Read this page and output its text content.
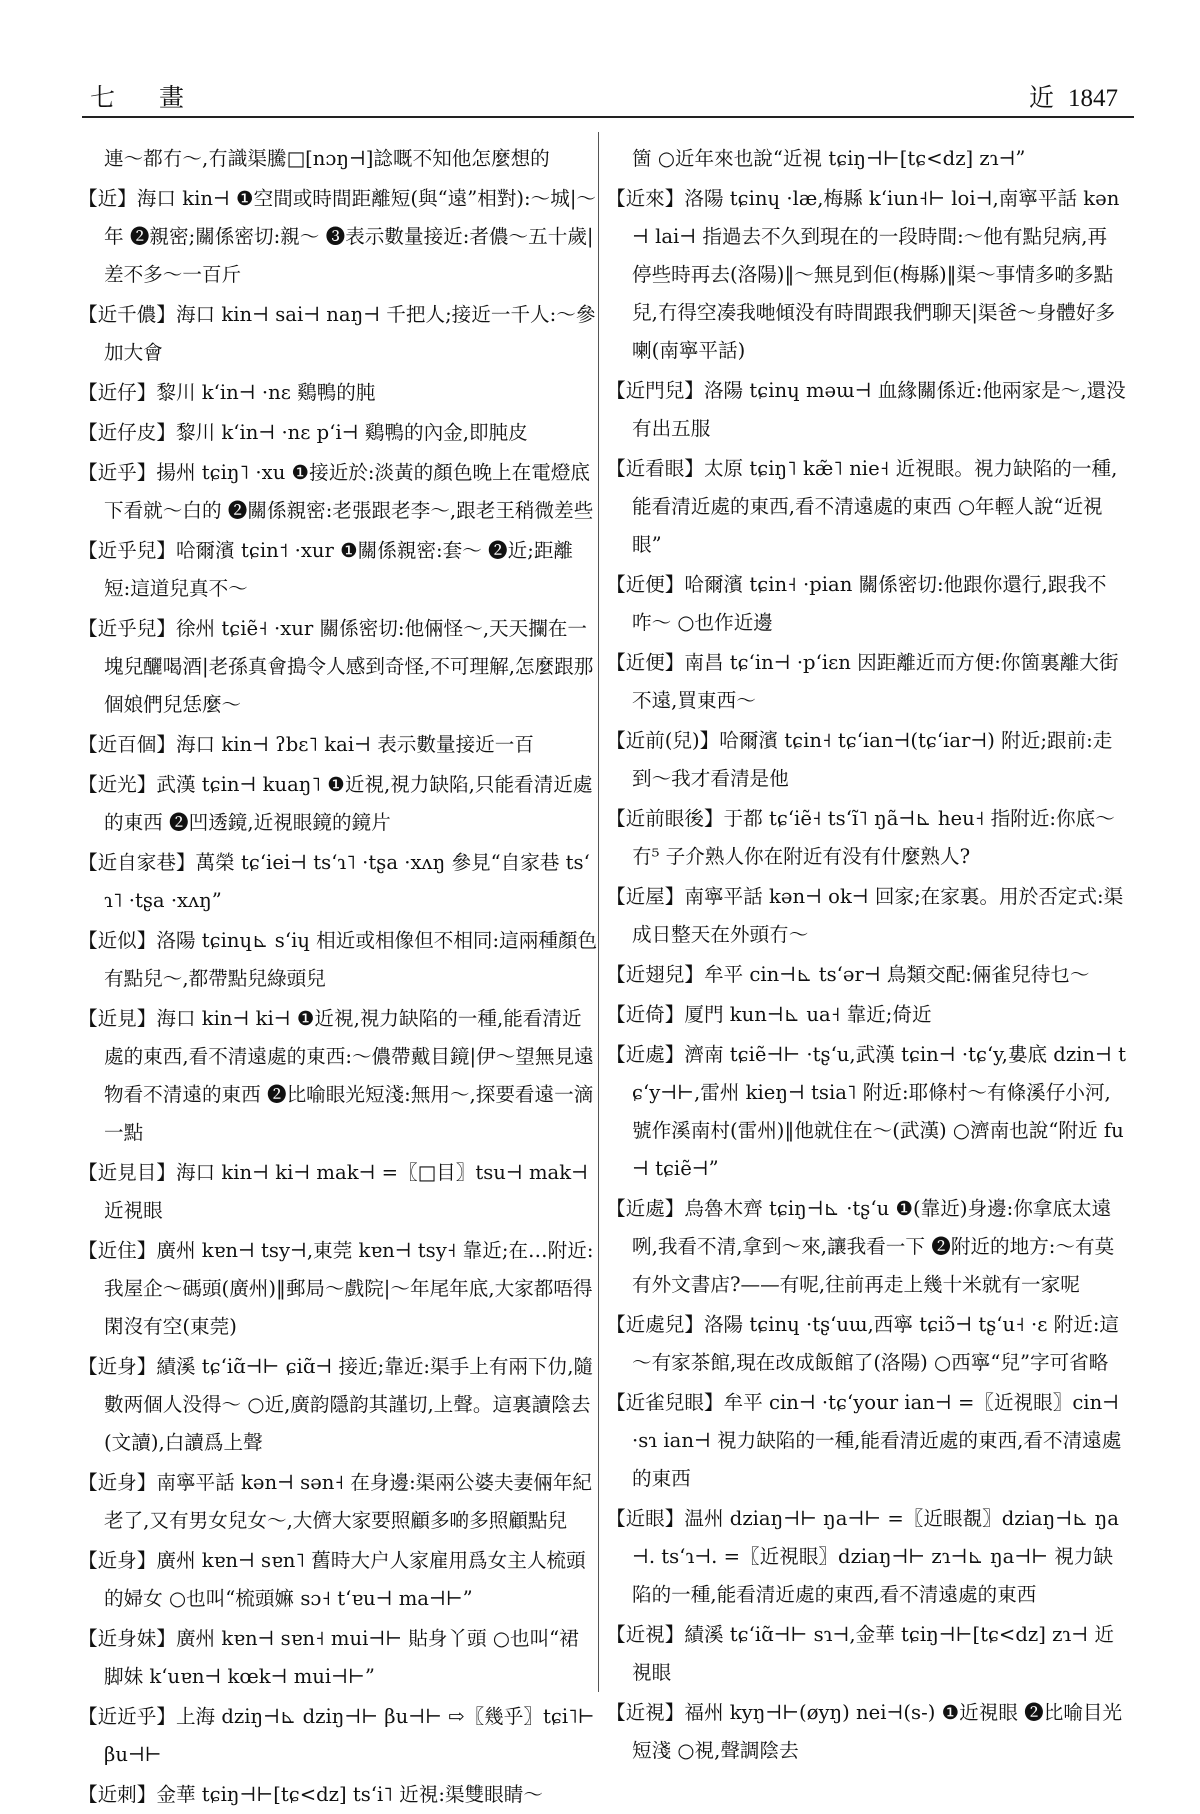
七 畫	近 1847
連～都冇～,冇識渠騰□[nɔŋ⊣]諗嘅不知他怎麼想的
【近】海口 kin⊣ ❶空間或時間距離短(與“遠”相對):～城|～年 ❷親密;關係密切:親～ ❸表示數量接近:者儂～五十歲|差不多～一百斤
【近千儂】海口 kin⊣ sai⊣ naŋ⊣ 千把人;接近一千人:～參加大會
【近仔】黎川 kʻin⊣ ·nɛ 鷄鴨的肫
【近仔皮】黎川 kʻin⊣ ·nɛ pʻi⊣ 鷄鴨的內金,即肫皮
【近乎】揚州 tɕiŋ˥ ·xu ❶接近於:淡黃的顏色晚上在電燈底下看就～白的 ❷關係親密:老張跟老李～,跟老王稍微差些
【近乎兒】哈爾濱 tɕin˦ ·xur ❶關係親密:套～ ❷近;距離短:這道兒真不～
【近乎兒】徐州 tɕiẽ˧ ·xur 關係密切:他倆怪～,天天攔在一塊兒釃喝酒|老孫真會搗令人感到奇怪,不可理解,怎麼跟那個娘們兒恁麼～
【近百個】海口 kin⊣ ʔbɛ˥ kai⊣ 表示數量接近一百
【近光】武漢 tɕin⊣ kuaŋ˥ ❶近視,視力缺陷,只能看清近處的東西 ❷凹透鏡,近視眼鏡的鏡片
【近自家巷】萬榮 tɕʻiei⊣ tsʻɿ˥ ·tʂa ·xʌŋ 參見“自家巷 tsʻɿ˥ ·tʂa ·xʌŋ”
【近似】洛陽 tɕinɥ⊾ sʻiɥ 相近或相像但不相同:這兩種顏色有點兒～,都帶點兒綠頭兒
【近見】海口 kin⊣ ki⊣ ❶近視,視力缺陷的一種,能看清近處的東西,看不清遠處的東西:～儂帶戴目鏡|伊～望無見遠物看不清遠的東西 ❷比喻眼光短淺:無用～,探要看遠一滴一點
【近見目】海口 kin⊣ ki⊣ mak⊣ =〖□目〗tsu⊣ mak⊣ 近視眼
【近住】廣州 kɐn⊣ tsy⊣,東莞 kɐn⊣ tsy˧ 靠近;在…附近:我屋企～碼頭(廣州)‖郵局～戲院|～年尾年底,大家都唔得閑沒有空(東莞)
【近身】績溪 tɕʻiɑ̃⊣⊢ ɕiɑ̃⊣ 接近;靠近:渠手上有兩下仂,隨數两個人没得～ ○近,廣韵隱韵其謹切,上聲。這裏讀陰去(文讀),白讀爲上聲
【近身】南寧平話 kən⊣ sən˧ 在身邊:渠兩公婆夫妻倆年紀老了,又有男女兒女～,大儕大家要照顧多啲多照顧點兒
【近身】廣州 kɐn⊣ sɐn˥ 舊時大户人家雇用爲女主人梳頭的婦女 ○也叫“梳頭嫲 sɔ˧ tʻɐu⊣ ma⊣⊢”
【近身妹】廣州 kɐn⊣ sɐn˧ mui⊣⊢ 貼身丫頭 ○也叫“裙脚妹 kʻuɐn⊣ kœk⊣ mui⊣⊢”
【近近乎】上海 dziŋ⊣⊾ dziŋ⊣⊢ βu⊣⊢ ⇨〖幾乎〗tɕi˥⊢ βu⊣⊢
【近刺】金華 tɕiŋ⊣⊢[tɕ<dz] tsʻi˥ 近視:渠雙眼睛～
箇 ○近年來也說“近視 tɕiŋ⊣⊢[tɕ<dz] zɿ⊣”
【近來】洛陽 tɕinɥ ·læ,梅縣 kʻiun˧⊢ loi⊣,南寧平話 kən⊣ lai⊣ 指過去不久到現在的一段時間:～他有點兒病,再停些時再去(洛陽)‖～無見到佢(梅縣)‖渠～事情多啲多點兒,冇得空凑我哋傾没有時間跟我們聊天|渠爸～身體好多喇(南寧平話)
【近門兒】洛陽 tɕinɥ məɯ⊣ 血緣關係近:他兩家是～,還没有出五服
【近看眼】太原 tɕiŋ˥ kæ̃˥ nie˧ 近視眼。視力缺陷的一種,能看清近處的東西,看不清遠處的東西 ○年輕人說“近視眼”
【近便】哈爾濱 tɕin˧ ·pian 關係密切:他跟你還行,跟我不咋～ ○也作近邊
【近便】南昌 tɕʻin⊣ ·pʻiɛn 因距離近而方便:你箇裏離大街不遠,買東西～
【近前(兒)】哈爾濱 tɕin˧ tɕʻian⊣(tɕʻiar⊣) 附近;跟前:走到～我才看清是他
【近前眼後】于都 tɕʻiẽ˧ tsʻĩ˥ ŋã⊣⊾ heu˧ 指附近:你底～冇⁵ 子介熟人你在附近有没有什麼熟人?
【近屋】南寧平話 kən⊣ ok⊣ 回家;在家裏。用於否定式:渠成日整天在外頭冇～
【近翅兒】牟平 cin⊣⊾ tsʻər⊣ 鳥類交配:倆雀兒待乜～
【近倚】厦門 kun⊣⊾ ua˧ 靠近;倚近
【近處】濟南 tɕiẽ⊣⊢ ·tʂʻu,武漢 tɕin⊣ ·tɕʻy,婁底 dzin⊣ tɕʻy⊣⊢,雷州 kieŋ⊣ tsia˥ 附近:耶條村～有條溪仔小河,號作溪南村(雷州)‖他就住在～(武漢) ○濟南也說“附近 fu⊣ tɕiẽ⊣”
【近處】烏魯木齊 tɕiŋ⊣⊾ ·tʂʻu ❶(靠近)身邊:你拿底太遠咧,我看不清,拿到～來,讓我看一下 ❷附近的地方:～有莫有外文書店?——有呢,往前再走上幾十米就有一家呢
【近處兒】洛陽 tɕinɥ ·tʂʻuɯ,西寧 tɕiɔ̃⊣ tʂʻu˧ ·ɛ 附近:這～有家茶館,現在改成飯館了(洛陽) ○西寧“兒”字可省略
【近雀兒眼】牟平 cin⊣ ·tɕʻyour ian⊣ =〖近視眼〗cin⊣ ·sɿ ian⊣ 視力缺陷的一種,能看清近處的東西,看不清遠處的東西
【近眼】温州 dziaŋ⊣⊢ ŋa⊣⊢ =〖近眼覩〗dziaŋ⊣⊾ ŋa⊣. tsʻɿ⊣. =〖近視眼〗dziaŋ⊣⊢ zɿ⊣⊾ ŋa⊣⊢ 視力缺陷的一種,能看清近處的東西,看不清遠處的東西
【近視】績溪 tɕʻiɑ̃⊣⊢ sɿ⊣,金華 tɕiŋ⊣⊢[tɕ<dz] zɿ⊣ 近視眼
【近視】福州 kyŋ⊣⊢(øyŋ) nei⊣(s-) ❶近視眼 ❷比喻目光短淺 ○視,聲調陰去
